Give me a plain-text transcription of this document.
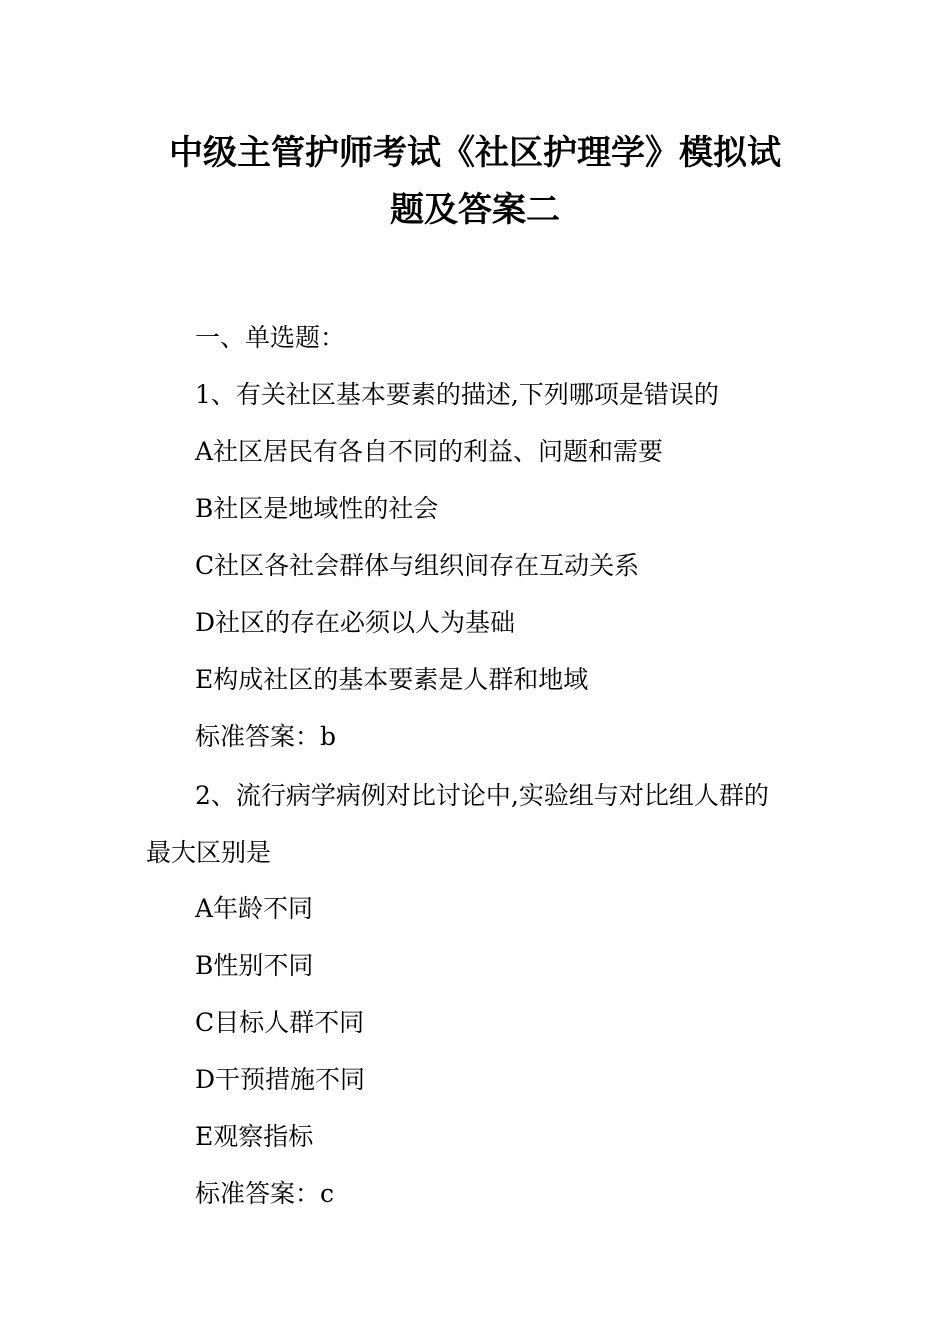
中级主管护师考试《社区护理学》模拟试
题及答案二
一、单选题：
1、有关社区基本要素的描述,下列哪项是错误的
A社区居民有各自不同的利益、问题和需要
B社区是地域性的社会
C社区各社会群体与组织间存在互动关系
D社区的存在必须以人为基础
E构成社区的基本要素是人群和地域
标准答案：b
2、流行病学病例对比讨论中,实验组与对比组人群的
最大区别是
A年龄不同
B性别不同
C目标人群不同
D干预措施不同
E观察指标
标准答案：c
